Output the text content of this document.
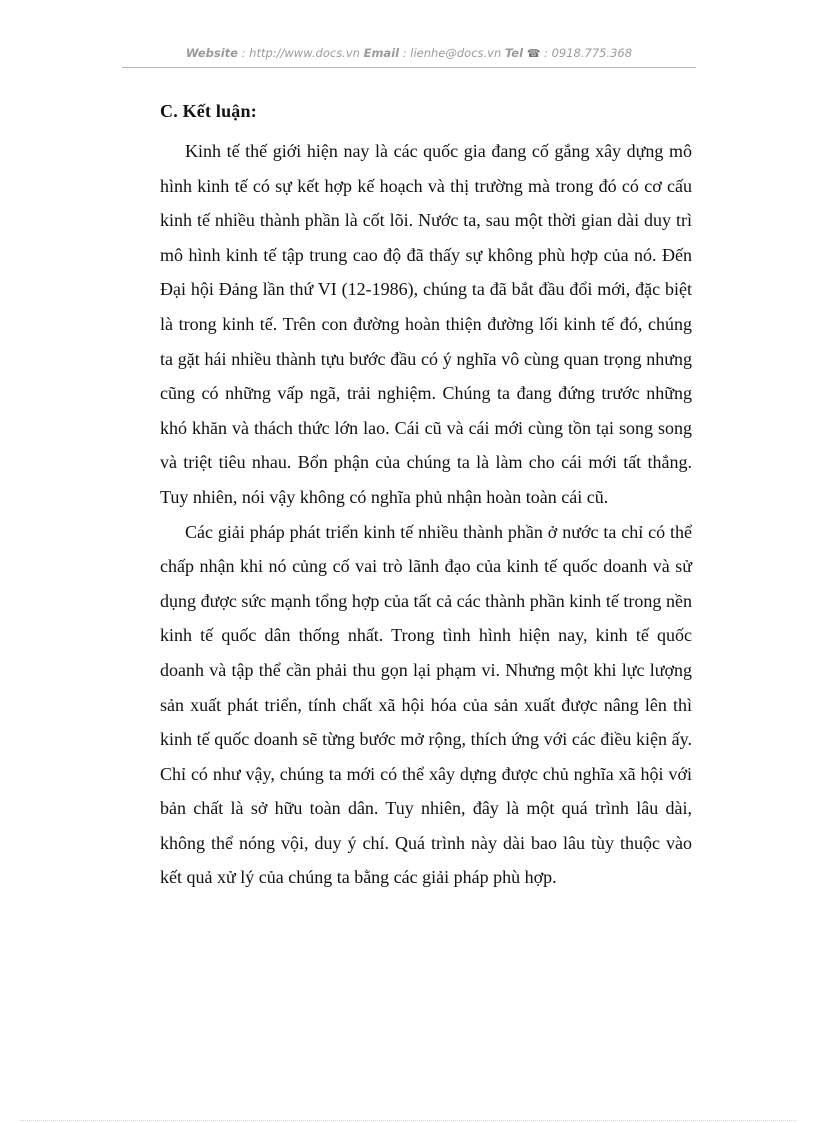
Website : http://www.docs.vn Email : lienhe@docs.vn Tel ☎ : 0918.775.368
C. Kết luận:

Kinh tế thế giới hiện nay là các quốc gia đang cố gắng xây dựng mô hình kinh tế có sự kết hợp kế hoạch và thị trường mà trong đó có cơ cấu kinh tế nhiều thành phần là cốt lõi. Nước ta, sau một thời gian dài duy trì mô hình kinh tế tập trung cao độ đã thấy sự không phù hợp của nó. Đến Đại hội Đảng lần thứ VI (12-1986), chúng ta đã bắt đầu đổi mới, đặc biệt là trong kinh tế. Trên con đường hoàn thiện đường lối kinh tế đó, chúng ta gặt hái nhiều thành tựu bước đầu có ý nghĩa vô cùng quan trọng nhưng cũng có những vấp ngã, trải nghiệm. Chúng ta đang đứng trước những khó khăn và thách thức lớn lao. Cái cũ và cái mới cùng tồn tại song song và triệt tiêu nhau. Bổn phận của chúng ta là làm cho cái mới tất thắng. Tuy nhiên, nói vậy không có nghĩa phủ nhận hoàn toàn cái cũ.

Các giải pháp phát triển kinh tế nhiều thành phần ở nước ta chỉ có thể chấp nhận khi nó củng cố vai trò lãnh đạo của kinh tế quốc doanh và sử dụng được sức mạnh tổng hợp của tất cả các thành phần kinh tế trong nền kinh tế quốc dân thống nhất. Trong tình hình hiện nay, kinh tế quốc doanh và tập thể cần phải thu gọn lại phạm vi. Nhưng một khi lực lượng sản xuất phát triển, tính chất xã hội hóa của sản xuất được nâng lên thì kinh tế quốc doanh sẽ từng bước mở rộng, thích ứng với các điều kiện ấy. Chỉ có như vậy, chúng ta mới có thể xây dựng được chủ nghĩa xã hội với bản chất là sở hữu toàn dân. Tuy nhiên, đây là một quá trình lâu dài, không thể nóng vội, duy ý chí. Quá trình này dài bao lâu tùy thuộc vào kết quả xử lý của chúng ta bằng các giải pháp phù hợp.
